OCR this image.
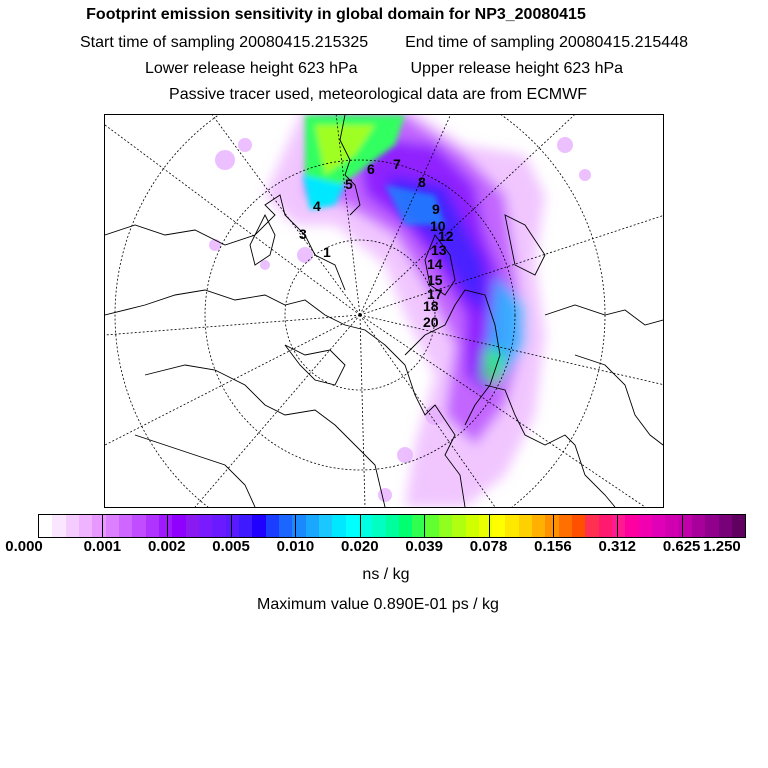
Footprint emission sensitivity in global domain for NP3_20080415
Start time of sampling 20080415.215325 End time of sampling 20080415.215448
Lower release height 623 hPa	Upper release height 623 hPa
Passive tracer used, meteorological data are from ECMWF
1
3
4
5
6 7
8
9
10
12
13
14
15
17
18
20
0.000	0.001 0.002 0.005 0.010 0.020 0.039 0.078 0.156 0.312 0.625 1.250
ns / kg
Maximum value 0.890E-01 ps / kg
